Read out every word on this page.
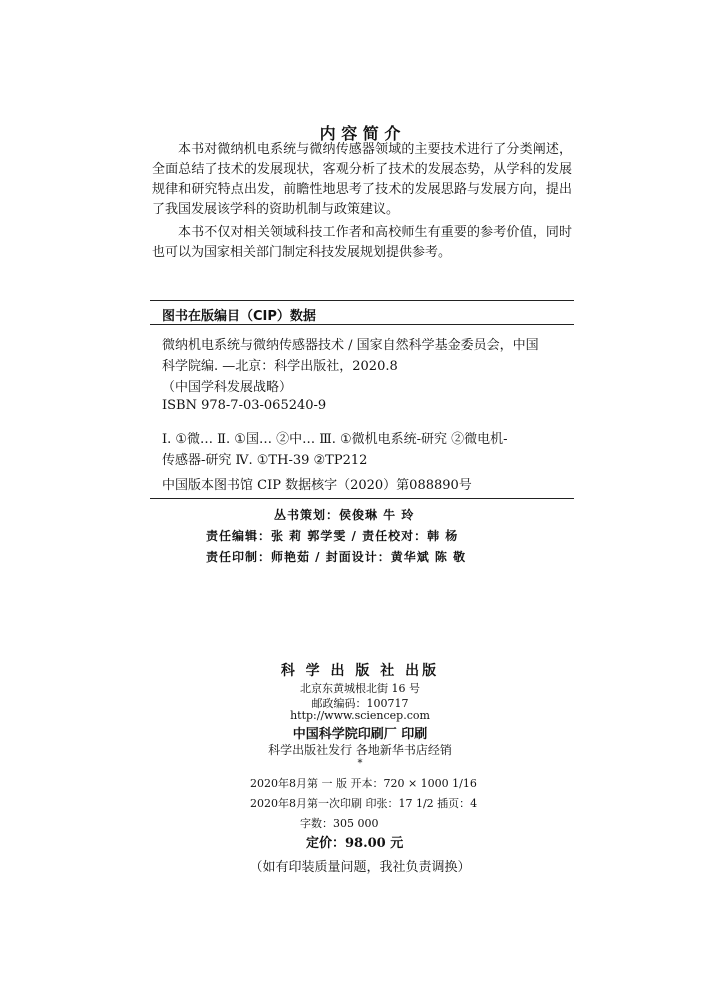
内 容 简 介

本书对微纳机电系统与微纳传感器领域的主要技术进行了分类阐述，全面总结了技术的发展现状，客观分析了技术的发展态势，从学科的发展规律和研究特点出发，前瞻性地思考了技术的发展思路与发展方向，提出了我国发展该学科的资助机制与政策建议。

本书不仅对相关领域科技工作者和高校师生有重要的参考价值，同时也可以为国家相关部门制定科技发展规划提供参考。

图书在版编目（CIP）数据
微纳机电系统与微纳传感器技术 / 国家自然科学基金委员会，中国
科学院编. —北京：科学出版社，2020.8
（中国学科发展战略）
ISBN 978-7-03-065240-9
Ⅰ. ①微… Ⅱ. ①国… ②中… Ⅲ. ①微机电系统-研究 ②微电机-
传感器-研究 Ⅳ. ①TH-39 ②TP212
中国版本图书馆 CIP 数据核字（2020）第088890号
丛书策划：侯俊琳 牛 玲
责任编辑：张 莉 郭学雯 / 责任校对：韩 杨
责任印制：师艳茹 / 封面设计：黄华斌 陈 敬
科 学 出 版 社 出版
北京东黄城根北街 16 号
邮政编码：100717
http://www.sciencep.com
中国科学院印刷厂 印刷
科学出版社发行 各地新华书店经销
*
2020年8月第 一 版 开本：720 × 1000 1/16
2020年8月第一次印刷 印张：17 1/2 插页：4
字数：305 000
定价：98.00 元
（如有印装质量问题，我社负责调换）
